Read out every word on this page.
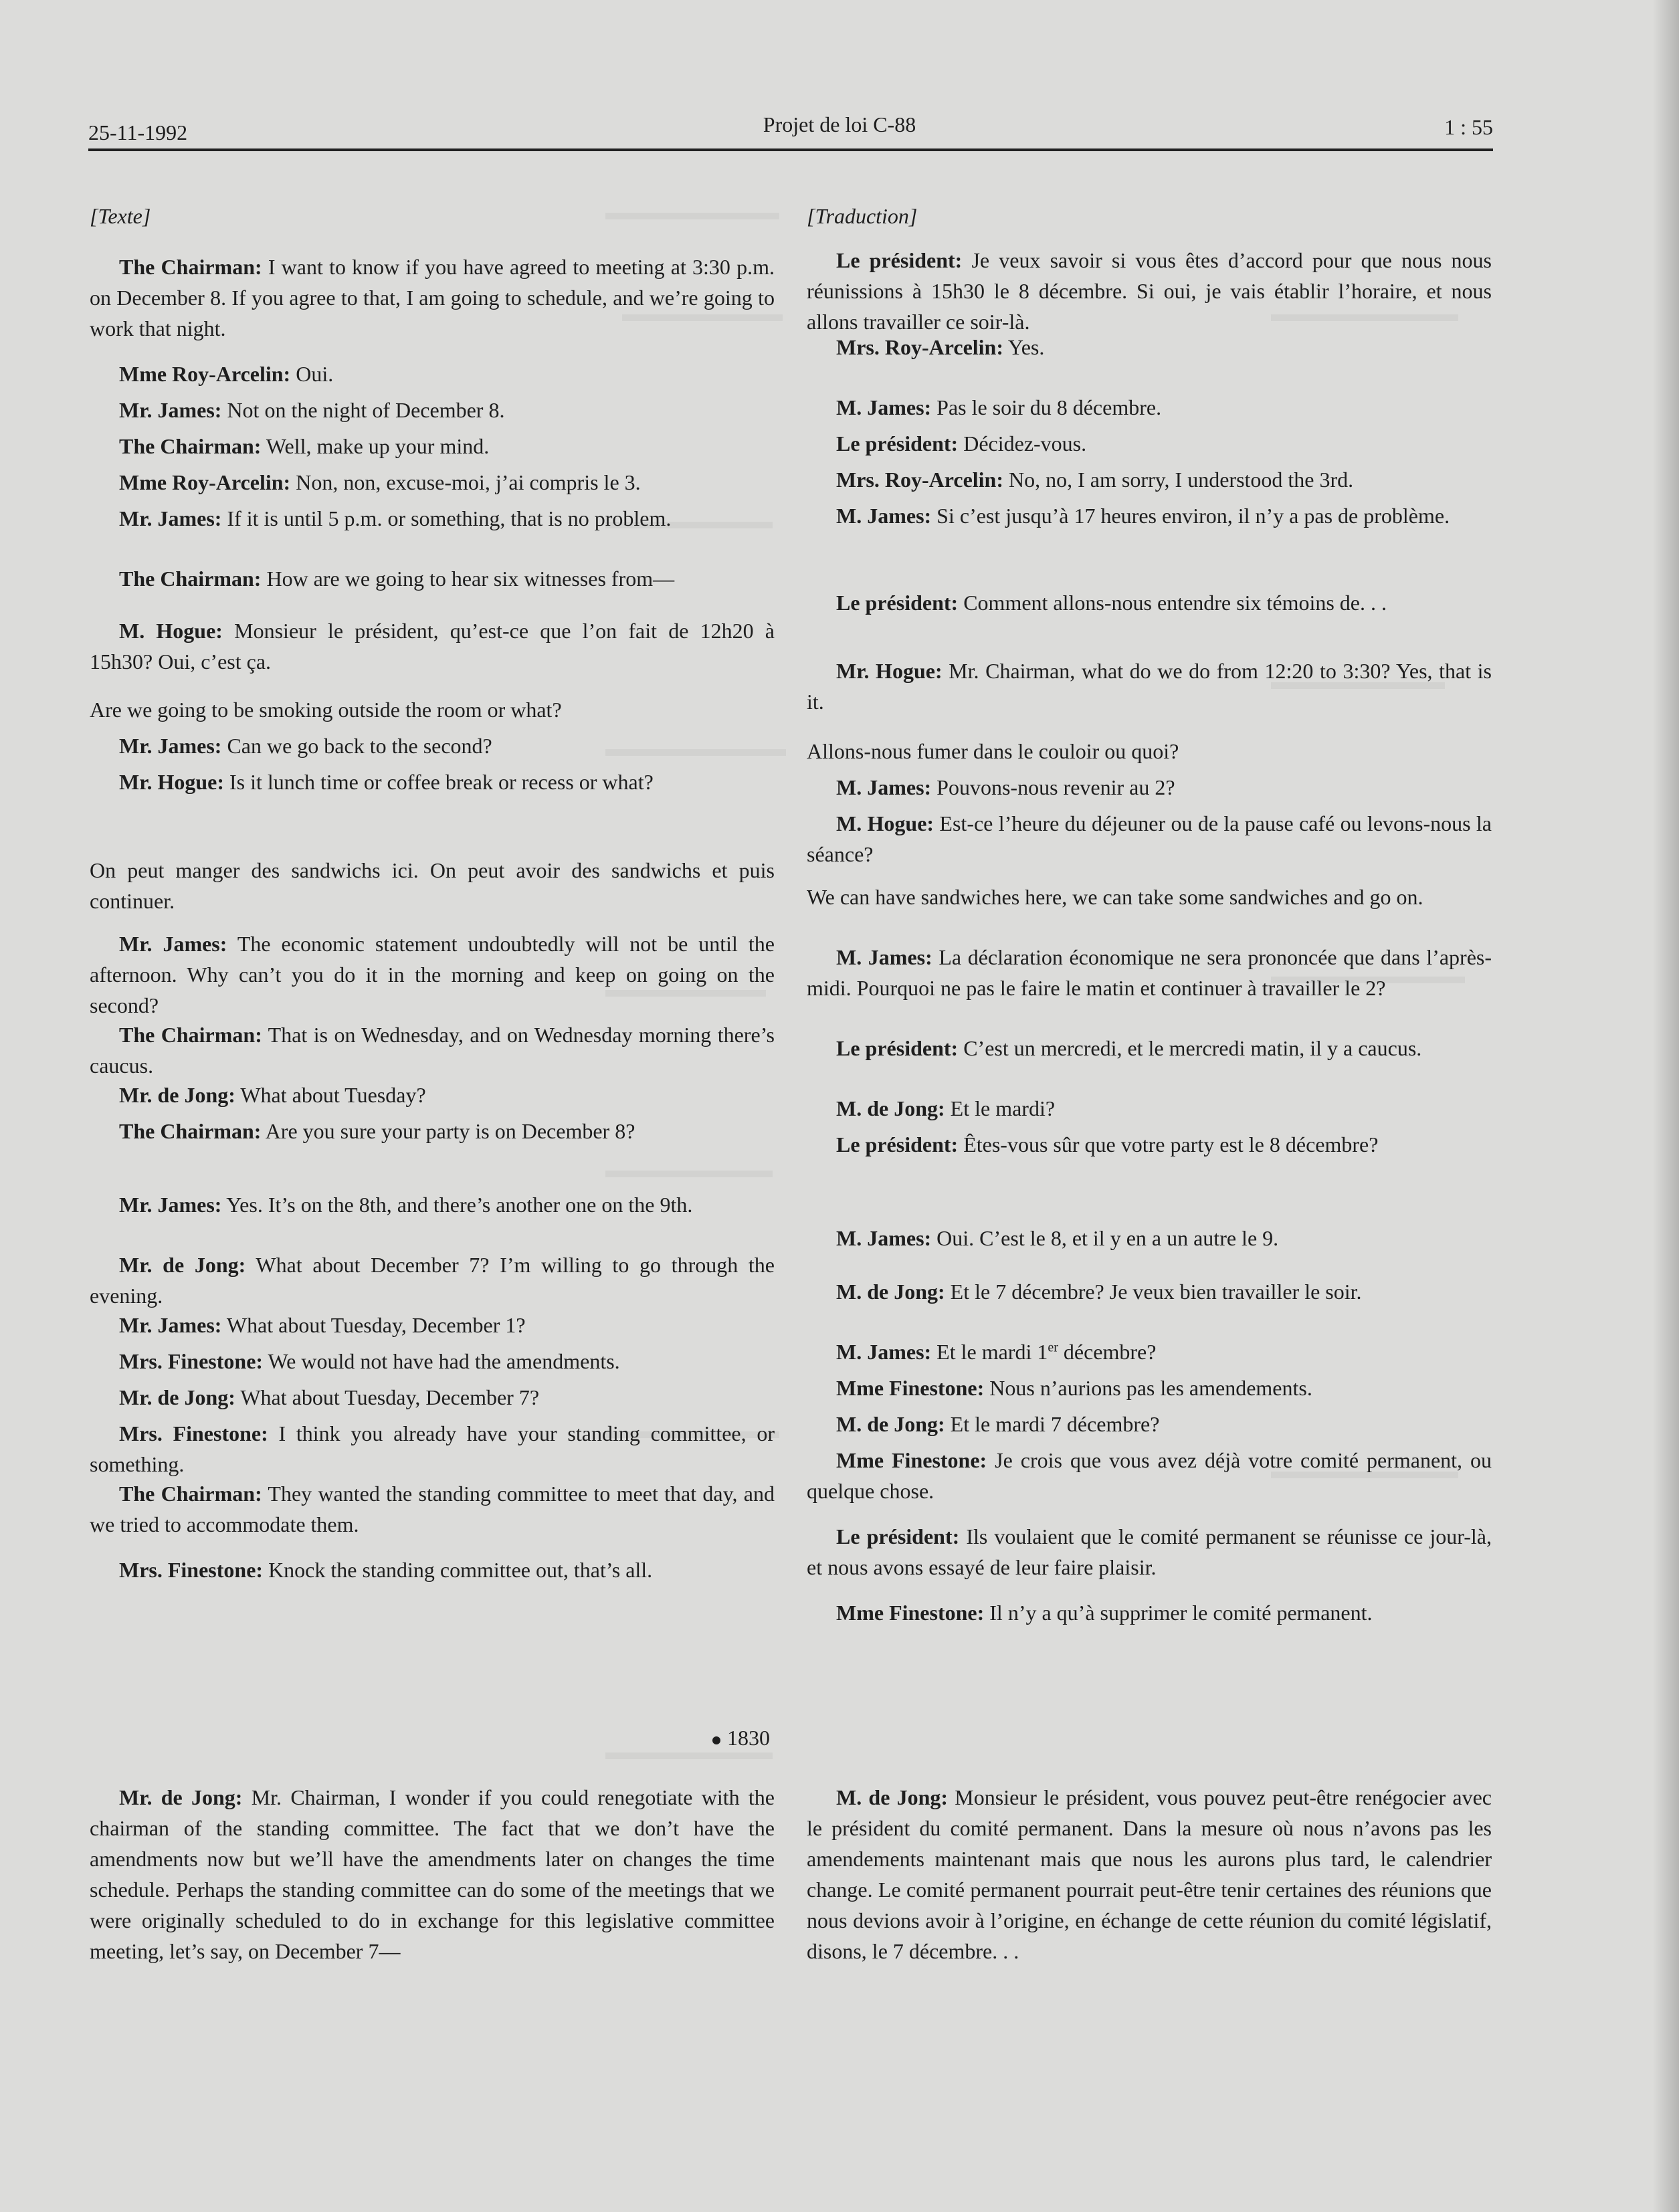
25-11-1992	Projet de loi C-88	1 : 55

[Texte]

The Chairman: I want to know if you have agreed to meeting at 3:30 p.m. on December 8. If you agree to that, I am going to schedule, and we’re going to work that night.

Mme Roy-Arcelin: Oui.

Mr. James: Not on the night of December 8.

The Chairman: Well, make up your mind.

Mme Roy-Arcelin: Non, non, excuse-moi, j’ai compris le 3.

Mr. James: If it is until 5 p.m. or something, that is no problem.

The Chairman: How are we going to hear six witnesses from—

M. Hogue: Monsieur le président, qu’est-ce que l’on fait de 12h20 à 15h30? Oui, c’est ça.

Are we going to be smoking outside the room or what?

Mr. James: Can we go back to the second?

Mr. Hogue: Is it lunch time or coffee break or recess or what?

On peut manger des sandwichs ici. On peut avoir des sandwichs et puis continuer.

Mr. James: The economic statement undoubtedly will not be until the afternoon. Why can’t you do it in the morning and keep on going on the second?

The Chairman: That is on Wednesday, and on Wednesday morning there’s caucus.

Mr. de Jong: What about Tuesday?

The Chairman: Are you sure your party is on December 8?

Mr. James: Yes. It’s on the 8th, and there’s another one on the 9th.

Mr. de Jong: What about December 7? I’m willing to go through the evening.

Mr. James: What about Tuesday, December 1?

Mrs. Finestone: We would not have had the amendments.

Mr. de Jong: What about Tuesday, December 7?

Mrs. Finestone: I think you already have your standing committee, or something.

The Chairman: They wanted the standing committee to meet that day, and we tried to accommodate them.

Mrs. Finestone: Knock the standing committee out, that’s all.

Mr. de Jong: Mr. Chairman, I wonder if you could renegotiate with the chairman of the standing committee. The fact that we don’t have the amendments now but we’ll have the amendments later on changes the time schedule. Perhaps the standing committee can do some of the meetings that we were originally scheduled to do in exchange for this legislative committee meeting, let’s say, on December 7—

[Traduction]

Le président: Je veux savoir si vous êtes d’accord pour que nous nous réunissions à 15h30 le 8 décembre. Si oui, je vais établir l’horaire, et nous allons travailler ce soir-là.

Mrs. Roy-Arcelin: Yes.

M. James: Pas le soir du 8 décembre.

Le président: Décidez-vous.

Mrs. Roy-Arcelin: No, no, I am sorry, I understood the 3rd.

M. James: Si c’est jusqu’à 17 heures environ, il n’y a pas de problème.

Le président: Comment allons-nous entendre six témoins de. . .

Mr. Hogue: Mr. Chairman, what do we do from 12:20 to 3:30? Yes, that is it.

Allons-nous fumer dans le couloir ou quoi?

M. James: Pouvons-nous revenir au 2?

M. Hogue: Est-ce l’heure du déjeuner ou de la pause café ou levons-nous la séance?

We can have sandwiches here, we can take some sandwiches and go on.

M. James: La déclaration économique ne sera prononcée que dans l’après-midi. Pourquoi ne pas le faire le matin et continuer à travailler le 2?

Le président: C’est un mercredi, et le mercredi matin, il y a caucus.

M. de Jong: Et le mardi?

Le président: Êtes-vous sûr que votre party est le 8 décembre?

M. James: Oui. C’est le 8, et il y en a un autre le 9.

M. de Jong: Et le 7 décembre? Je veux bien travailler le soir.

M. James: Et le mardi 1er décembre?

Mme Finestone: Nous n’aurions pas les amendements.

M. de Jong: Et le mardi 7 décembre?

Mme Finestone: Je crois que vous avez déjà votre comité permanent, ou quelque chose.

Le président: Ils voulaient que le comité permanent se réunisse ce jour-là, et nous avons essayé de leur faire plaisir.

Mme Finestone: Il n’y a qu’à supprimer le comité permanent.

M. de Jong: Monsieur le président, vous pouvez peut-être renégocier avec le président du comité permanent. Dans la mesure où nous n’avons pas les amendements maintenant mais que nous les aurons plus tard, le calendrier change. Le comité permanent pourrait peut-être tenir certaines des réunions que nous devions avoir à l’origine, en échange de cette réunion du comité législatif, disons, le 7 décembre. . .

1830
